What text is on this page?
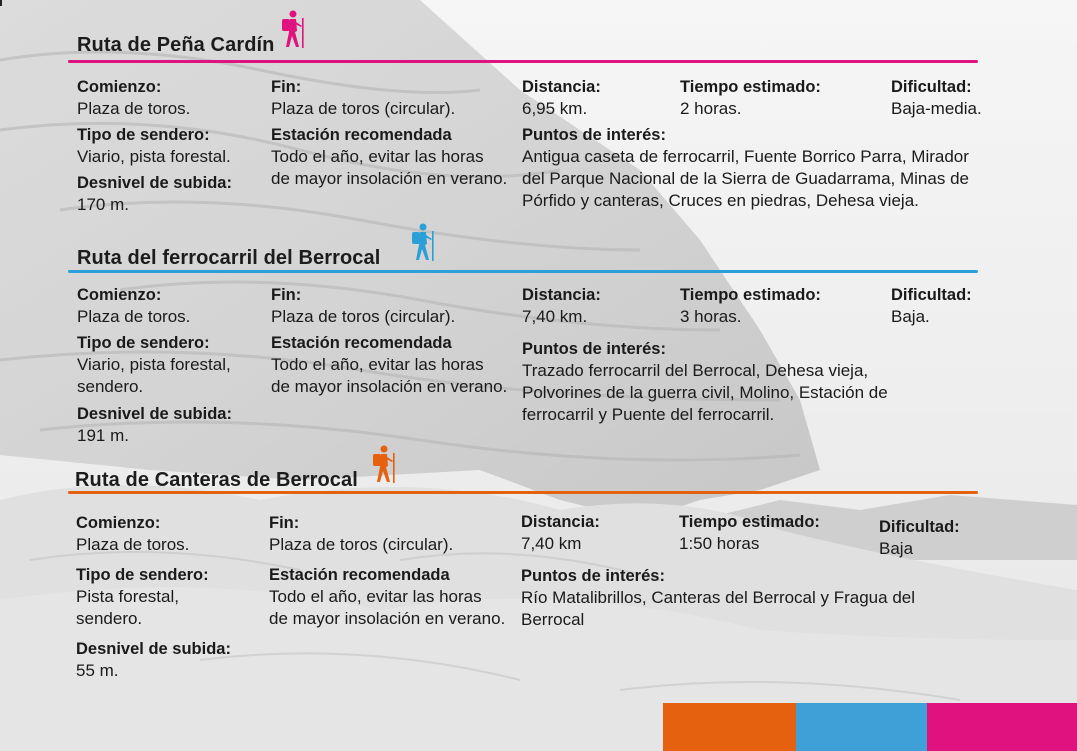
Ruta de Peña Cardín
Comienzo:
Plaza de toros.
Fin:
Plaza de toros (circular).
Distancia:
6,95 km.
Tiempo estimado:
2 horas.
Dificultad:
Baja-media.
Tipo de sendero:
Viario, pista forestal.
Estación recomendada
Todo el año, evitar las horas
de mayor insolación en verano.
Puntos de interés:
Antigua caseta de ferrocarril, Fuente Borrico Parra, Mirador
del Parque Nacional de la Sierra de Guadarrama, Minas de
Pórfido y canteras, Cruces en piedras, Dehesa vieja.
Desnivel de subida:
170 m.
Ruta del ferrocarril del Berrocal
Comienzo:
Plaza de toros.
Fin:
Plaza de toros (circular).
Distancia:
7,40 km.
Tiempo estimado:
3 horas.
Dificultad:
Baja.
Tipo de sendero:
Viario, pista forestal,
sendero.
Estación recomendada
Todo el año, evitar las horas
de mayor insolación en verano.
Puntos de interés:
Trazado ferrocarril del Berrocal, Dehesa vieja,
Polvorines de la guerra civil, Molino, Estación de
ferrocarril y Puente del ferrocarril.
Desnivel de subida:
191 m.
Ruta de Canteras de Berrocal
Comienzo:
Plaza de toros.
Fin:
Plaza de toros (circular).
Distancia:
7,40 km
Tiempo estimado:
1:50 horas
Dificultad:
Baja
Tipo de sendero:
Pista forestal,
sendero.
Estación recomendada
Todo el año, evitar las horas
de mayor insolación en verano.
Puntos de interés:
Río Matalibrillos, Canteras del Berrocal y Fragua del
Berrocal
Desnivel de subida:
55 m.
